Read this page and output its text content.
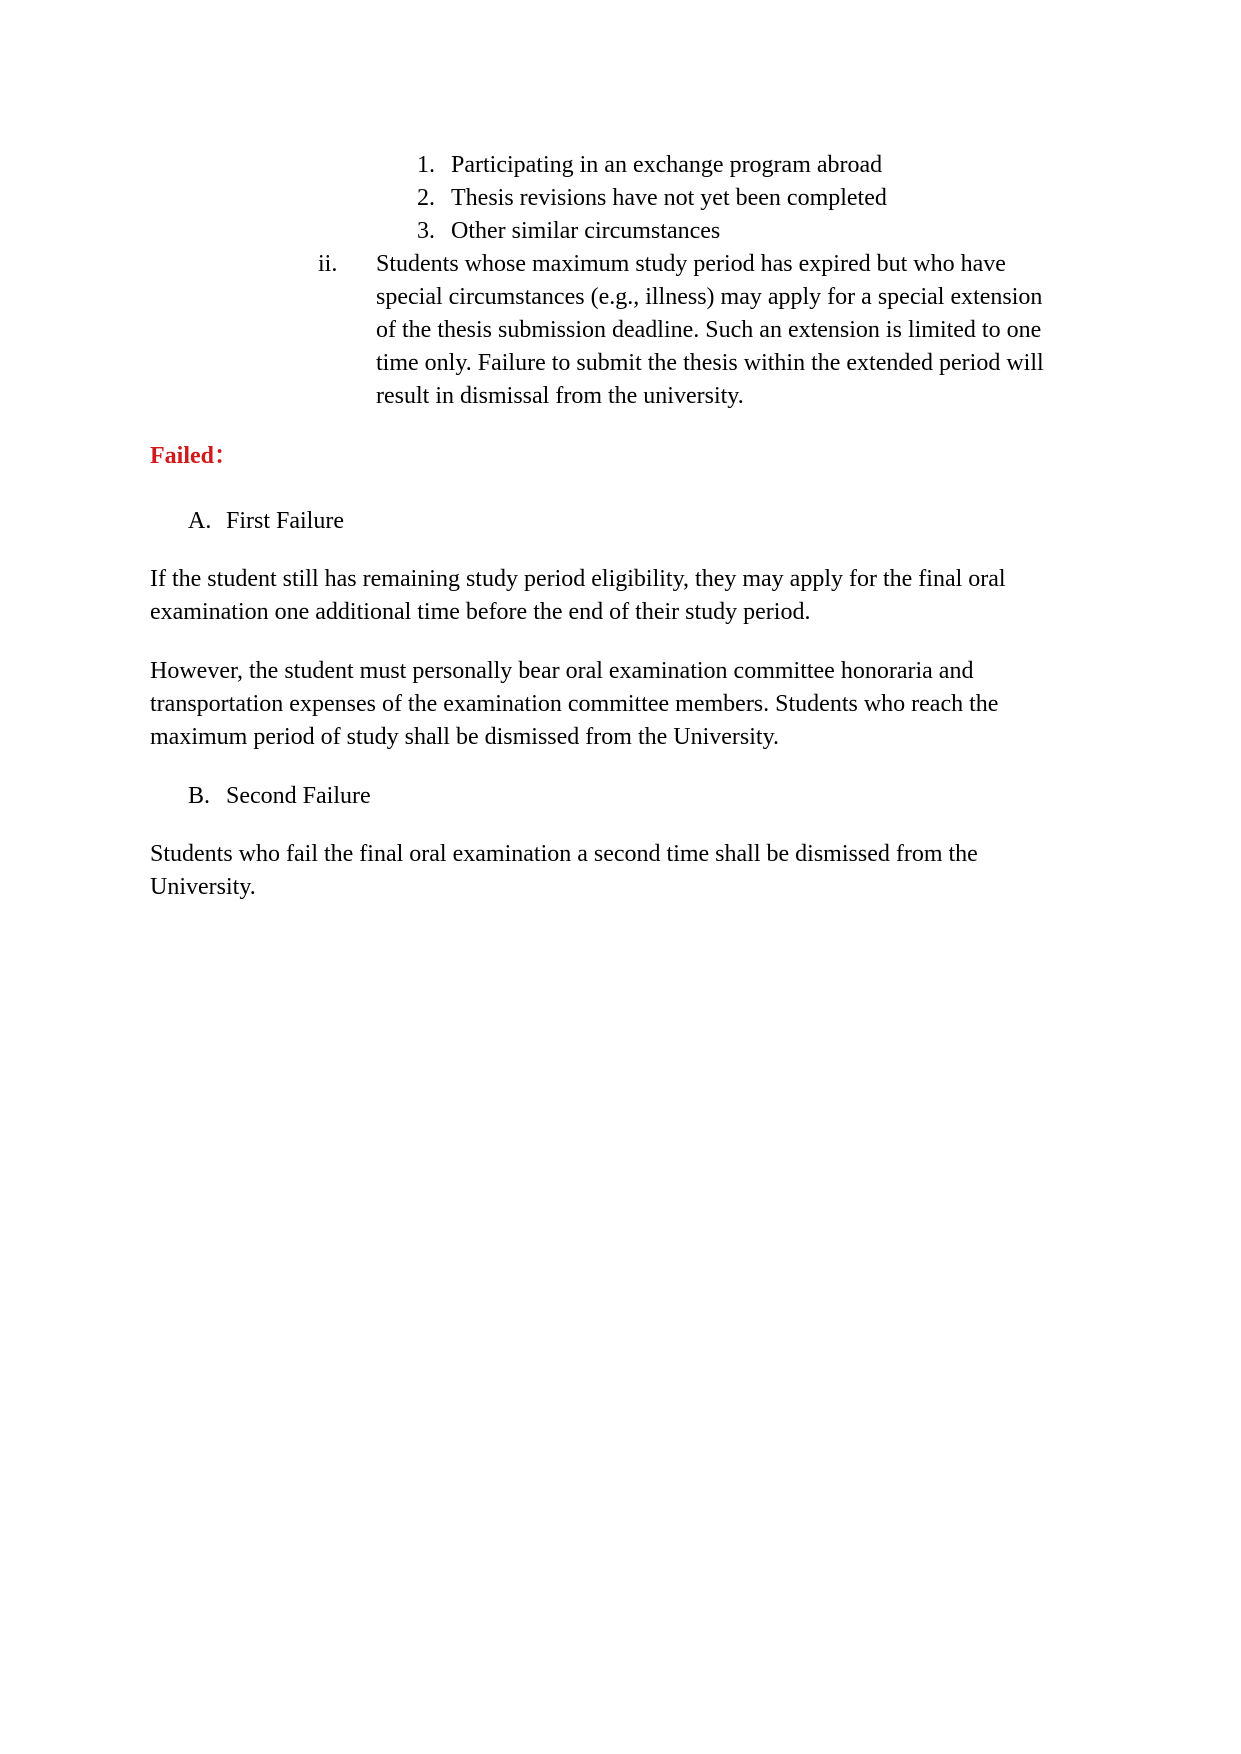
1. Participating in an exchange program abroad
2. Thesis revisions have not yet been completed
3. Other similar circumstances
ii. Students whose maximum study period has expired but who have
special circumstances (e.g., illness) may apply for a special extension
of the thesis submission deadline. Such an extension is limited to one
time only. Failure to submit the thesis within the extended period will
result in dismissal from the university.
Failed：
A. First Failure
If the student still has remaining study period eligibility, they may apply for the final oral
examination one additional time before the end of their study period.
However, the student must personally bear oral examination committee honoraria and
transportation expenses of the examination committee members. Students who reach the
maximum period of study shall be dismissed from the University.
B. Second Failure
Students who fail the final oral examination a second time shall be dismissed from the
University.
